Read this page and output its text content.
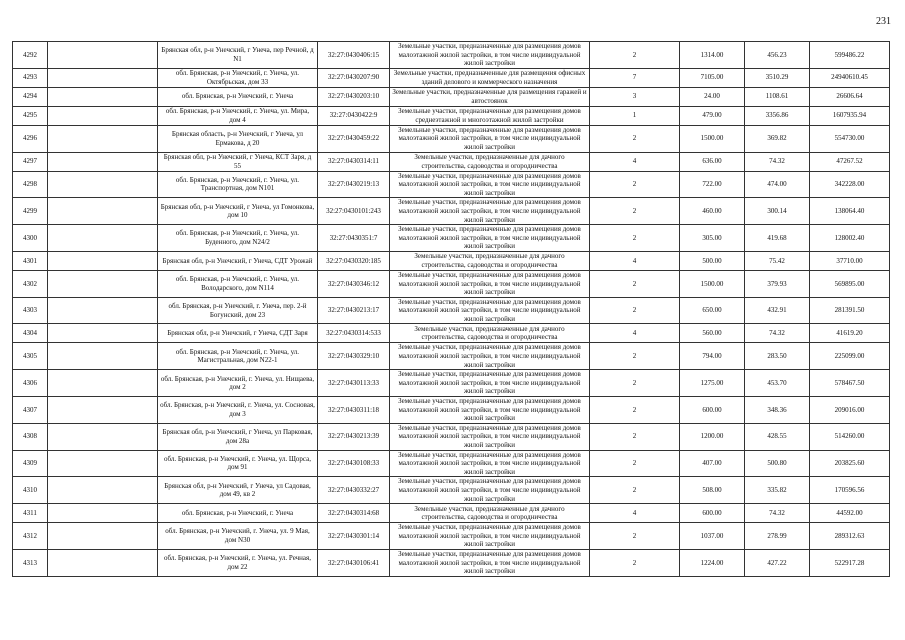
231
4292		Брянская обл, р-н Унечский, г Унеча, пер Речной, д N1	32:27:0430406:15	Земельные участки, предназначенные для размещения домов малоэтажной жилой застройки, в том числе индивидуальной жилой застройки	2	1314.00	456.23	599486.22
4293		обл. Брянская, р-н Унечский, г. Унеча, ул. Октябрьская, дом 33	32:27:0430207:90	Земельные участки, предназначенные для размещения офисных зданий делового и коммерческого назначения	7	7105.00	3510.29	24940610.45
4294		обл. Брянская, р-н Унечский, г. Унеча	32:27:0430203:10	Земельные участки, предназначенные для размещения гаражей и автостоянок	3	24.00	1108.61	26606.64
4295		обл. Брянская, р-н Унечский, г. Унеча, ул. Мира, дом 4	32:27:0430422:9	Земельные участки, предназначенные для размещения домов среднеэтажной и многоэтажной жилой застройки	1	479.00	3356.86	1607935.94
4296		Брянская область, р-н Унечский, г Унеча, ул Ермакова, д 20	32:27:0430459:22	Земельные участки, предназначенные для размещения домов малоэтажной жилой застройки, в том числе индивидуальной жилой застройки	2	1500.00	369.82	554730.00
4297		Брянская обл, р-н Унечский, г Унеча, КСТ Заря, д 55	32:27:0430314:11	Земельные участки, предназначенные для дачного строительства, садоводства и огородничества	4	636.00	74.32	47267.52
4298		обл. Брянская, р-н Унечский, г. Унеча, ул. Транспортная, дом N101	32:27:0430219:13	Земельные участки, предназначенные для размещения домов малоэтажной жилой застройки, в том числе индивидуальной жилой застройки	2	722.00	474.00	342228.00
4299		Брянская обл, р-н Унечский, г Унеча, ул Гомонкова, дом 10	32:27:0430101:243	Земельные участки, предназначенные для размещения домов малоэтажной жилой застройки, в том числе индивидуальной жилой застройки	2	460.00	300.14	138064.40
4300		обл. Брянская, р-н Унечский, г. Унеча, ул. Буденного, дом N24/2	32:27:0430351:7	Земельные участки, предназначенные для размещения домов малоэтажной жилой застройки, в том числе индивидуальной жилой застройки	2	305.00	419.68	128002.40
4301		Брянская обл, р-н Унечский, г Унеча, СДТ Урожай	32:27:0430320:185	Земельные участки, предназначенные для дачного строительства, садоводства и огородничества	4	500.00	75.42	37710.00
4302		обл. Брянская, р-н Унечский, г. Унеча, ул. Володарского, дом N114	32:27:0430346:12	Земельные участки, предназначенные для размещения домов малоэтажной жилой застройки, в том числе индивидуальной жилой застройки	2	1500.00	379.93	569895.00
4303		обл. Брянская, р-н Унечский, г. Унеча, пер. 2-й Богунский, дом 23	32:27:0430213:17	Земельные участки, предназначенные для размещения домов малоэтажной жилой застройки, в том числе индивидуальной жилой застройки	2	650.00	432.91	281391.50
4304		Брянская обл, р-н Унечский, г Унеча, СДТ Заря	32:27:0430314:533	Земельные участки, предназначенные для дачного строительства, садоводства и огородничества	4	560.00	74.32	41619.20
4305		обл. Брянская, р-н Унечский, г. Унеча, ул. Магистральная, дом N22-1	32:27:0430329:10	Земельные участки, предназначенные для размещения домов малоэтажной жилой застройки, в том числе индивидуальной жилой застройки	2	794.00	283.50	225099.00
4306		обл. Брянская, р-н Унечский, г. Унеча, ул. Нищаева, дом 2	32:27:0430113:33	Земельные участки, предназначенные для размещения домов малоэтажной жилой застройки, в том числе индивидуальной жилой застройки	2	1275.00	453.70	578467.50
4307		обл. Брянская, р-н Унечский, г. Унеча, ул. Сосновая, дом 3	32:27:0430311:18	Земельные участки, предназначенные для размещения домов малоэтажной жилой застройки, в том числе индивидуальной жилой застройки	2	600.00	348.36	209016.00
4308		Брянская обл, р-н Унечский, г Унеча, ул Парковая, дом 28а	32:27:0430213:39	Земельные участки, предназначенные для размещения домов малоэтажной жилой застройки, в том числе индивидуальной жилой застройки	2	1200.00	428.55	514260.00
4309		обл. Брянская, р-н Унечский, г. Унеча, ул. Щорса, дом 91	32:27:0430108:33	Земельные участки, предназначенные для размещения домов малоэтажной жилой застройки, в том числе индивидуальной жилой застройки	2	407.00	500.80	203825.60
4310		Брянская обл, р-н Унечский, г Унеча, ул Садовая, дом 49, кв 2	32:27:0430332:27	Земельные участки, предназначенные для размещения домов малоэтажной жилой застройки, в том числе индивидуальной жилой застройки	2	508.00	335.82	170596.56
4311		обл. Брянская, р-н Унечский, г. Унеча	32:27:0430314:68	Земельные участки, предназначенные для дачного строительства, садоводства и огородничества	4	600.00	74.32	44592.00
4312		обл. Брянская, р-н Унечский, г. Унеча, ул. 9 Мая, дом N30	32:27:0430301:14	Земельные участки, предназначенные для размещения домов малоэтажной жилой застройки, в том числе индивидуальной жилой застройки	2	1037.00	278.99	289312.63
4313		обл. Брянская, р-н Унечский, г. Унеча, ул. Речная, дом 22	32:27:0430106:41	Земельные участки, предназначенные для размещения домов малоэтажной жилой застройки, в том числе индивидуальной жилой застройки	2	1224.00	427.22	522917.28
